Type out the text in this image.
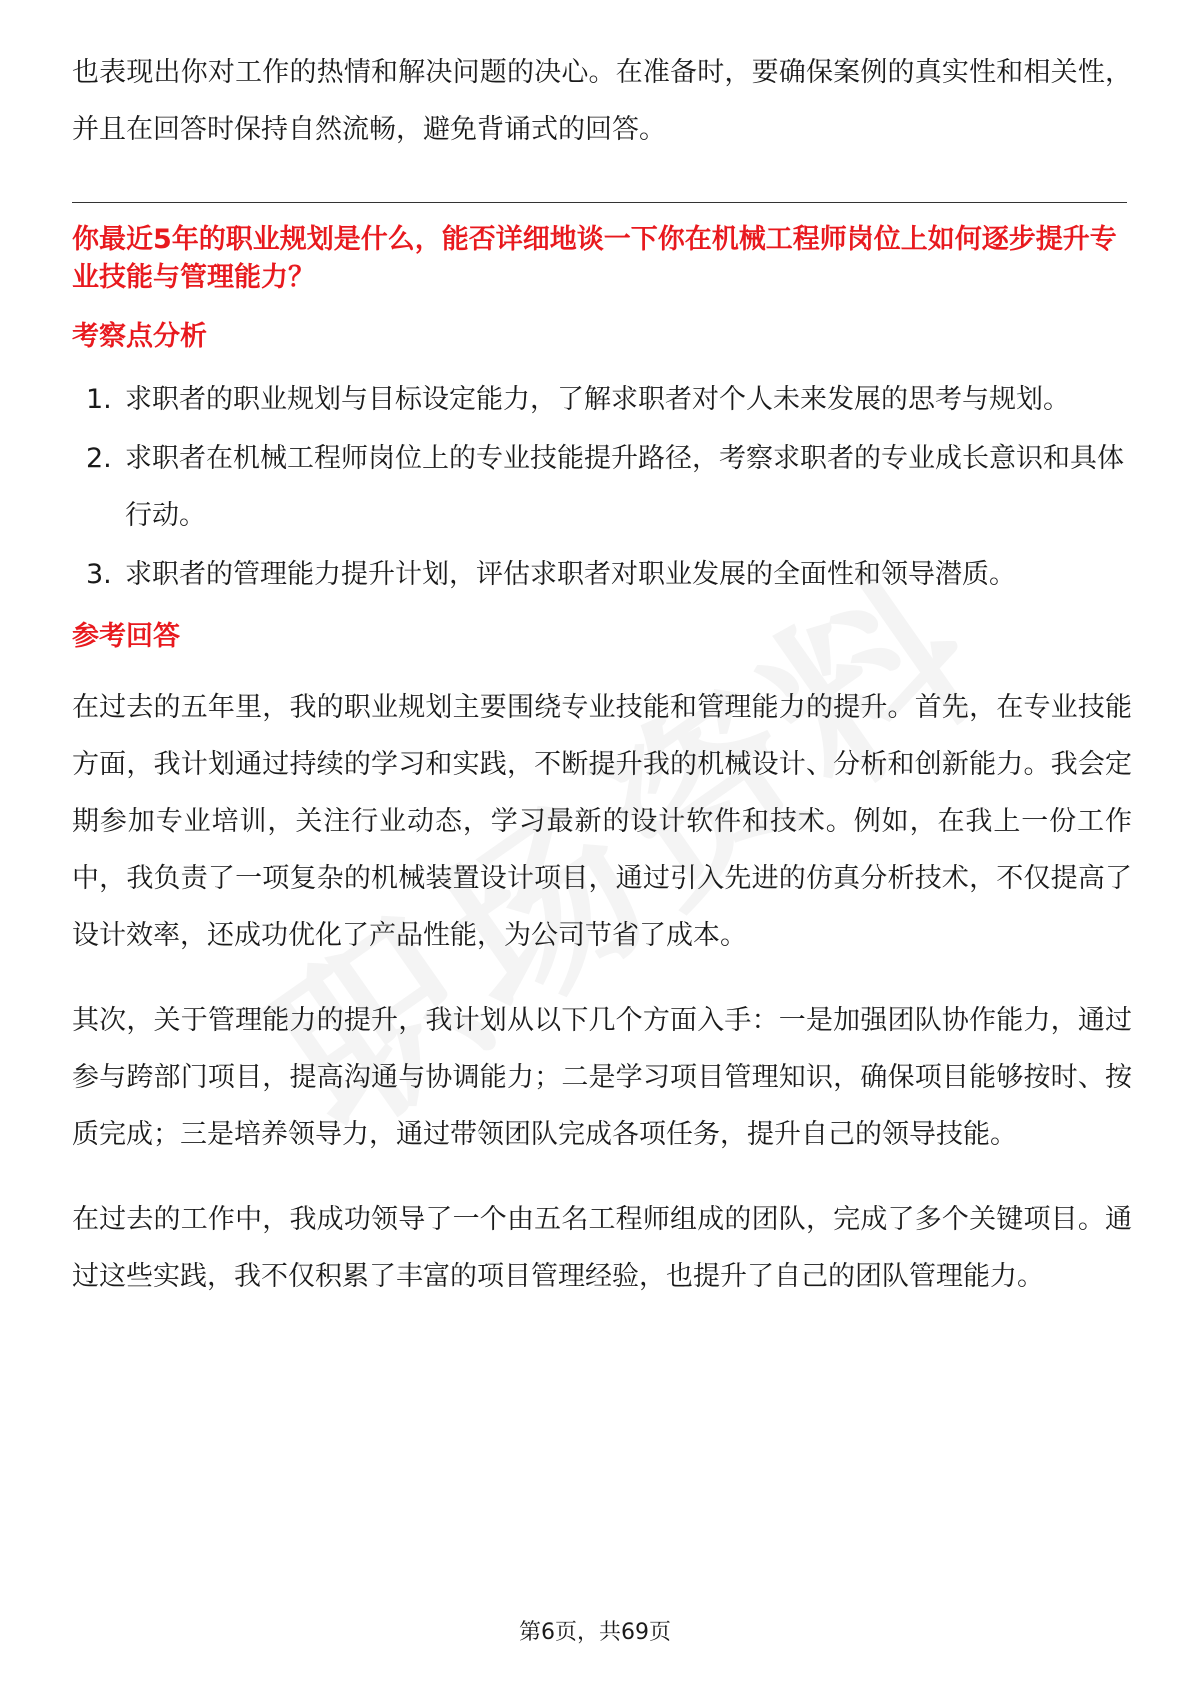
也表现出你对工作的热情和解决问题的决心。在准备时，要确保案例的真实性和相关性，并且在回答时保持自然流畅，避免背诵式的回答。

你最近5年的职业规划是什么，能否详细地谈一下你在机械工程师岗位上如何逐步提升专业技能与管理能力？

考察点分析

1. 求职者的职业规划与目标设定能力，了解求职者对个人未来发展的思考与规划。
2. 求职者在机械工程师岗位上的专业技能提升路径，考察求职者的专业成长意识和具体行动。
3. 求职者的管理能力提升计划，评估求职者对职业发展的全面性和领导潜质。

参考回答

在过去的五年里，我的职业规划主要围绕专业技能和管理能力的提升。首先，在专业技能方面，我计划通过持续的学习和实践，不断提升我的机械设计、分析和创新能力。我会定期参加专业培训，关注行业动态，学习最新的设计软件和技术。例如，在我上一份工作中，我负责了一项复杂的机械装置设计项目，通过引入先进的仿真分析技术，不仅提高了设计效率，还成功优化了产品性能，为公司节省了成本。

其次，关于管理能力的提升，我计划从以下几个方面入手：一是加强团队协作能力，通过参与跨部门项目，提高沟通与协调能力；二是学习项目管理知识，确保项目能够按时、按质完成；三是培养领导力，通过带领团队完成各项任务，提升自己的领导技能。

在过去的工作中，我成功领导了一个由五名工程师组成的团队，完成了多个关键项目。通过这些实践，我不仅积累了丰富的项目管理经验，也提升了自己的团队管理能力。

第6页，共69页
